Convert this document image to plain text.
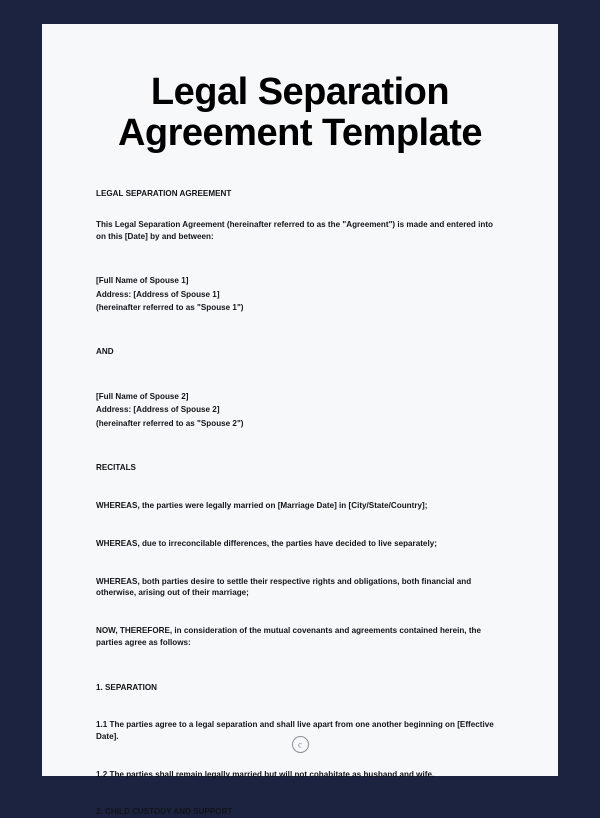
Legal Separation Agreement Template

LEGAL SEPARATION AGREEMENT

This Legal Separation Agreement (hereinafter referred to as the "Agreement") is made and entered into on this [Date] by and between:

[Full Name of Spouse 1]

Address: [Address of Spouse 1]

(hereinafter referred to as "Spouse 1")

AND

[Full Name of Spouse 2]

Address: [Address of Spouse 2]

(hereinafter referred to as "Spouse 2")

RECITALS

WHEREAS, the parties were legally married on [Marriage Date] in [City/State/Country];

WHEREAS, due to irreconcilable differences, the parties have decided to live separately;

WHEREAS, both parties desire to settle their respective rights and obligations, both financial and otherwise, arising out of their marriage;

NOW, THEREFORE, in consideration of the mutual covenants and agreements contained herein, the parties agree as follows:

1. SEPARATION

1.1 The parties agree to a legal separation and shall live apart from one another beginning on [Effective Date].

1.2 The parties shall remain legally married but will not cohabitate as husband and wife.

2. CHILD CUSTODY AND SUPPORT

c
